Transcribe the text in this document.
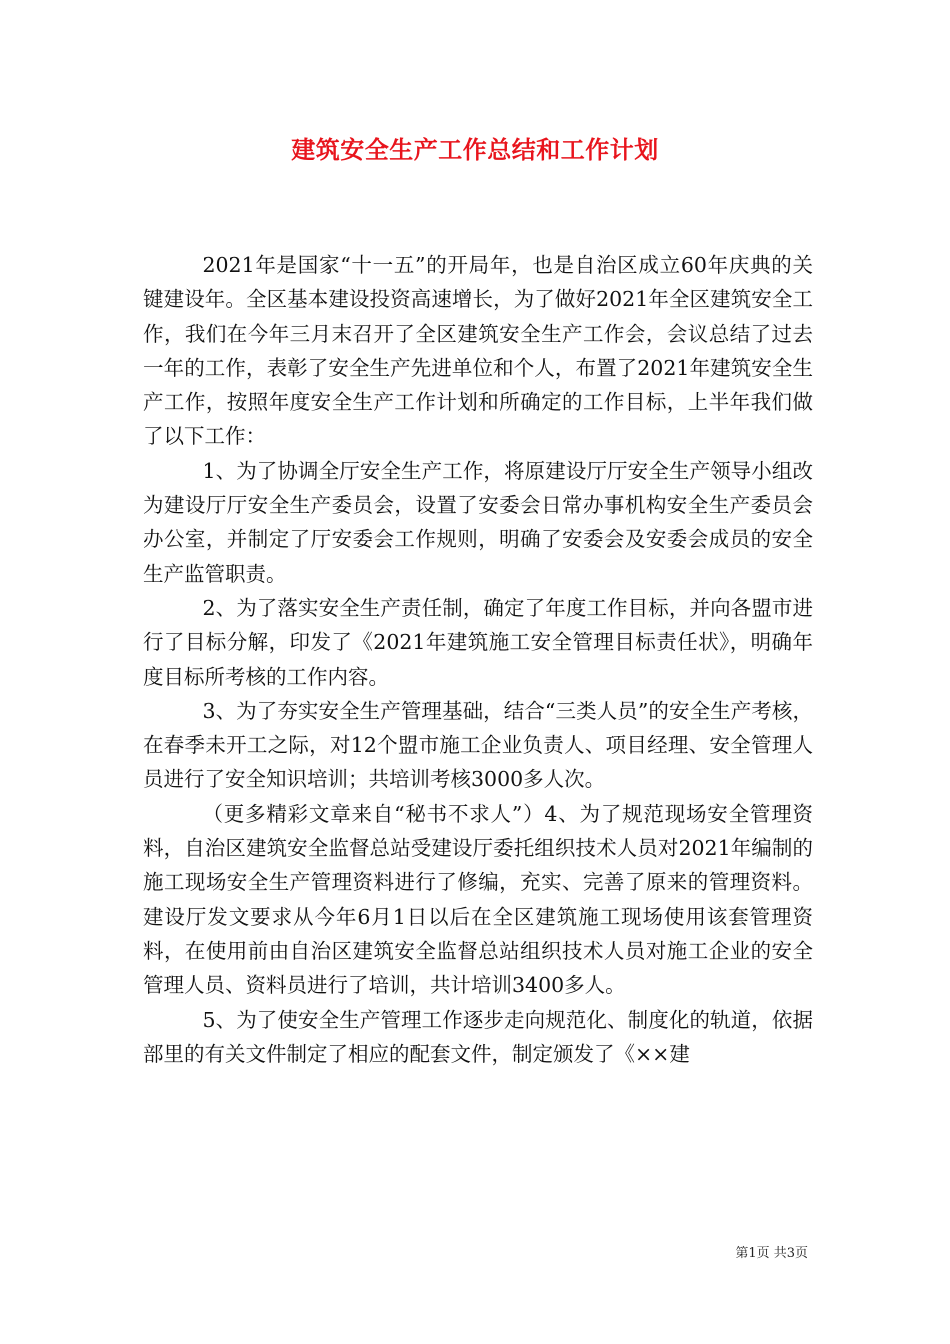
建筑安全生产工作总结和工作计划

2021年是国家“十一五”的开局年，也是自治区成立60年庆典的关键建设年。全区基本建设投资高速增长，为了做好2021年全区建筑安全工作，我们在今年三月末召开了全区建筑安全生产工作会，会议总结了过去一年的工作，表彰了安全生产先进单位和个人，布置了2021年建筑安全生产工作，按照年度安全生产工作计划和所确定的工作目标，上半年我们做了以下工作：

1、为了协调全厅安全生产工作，将原建设厅厅安全生产领导小组改为建设厅厅安全生产委员会，设置了安委会日常办事机构安全生产委员会办公室，并制定了厅安委会工作规则，明确了安委会及安委会成员的安全生产监管职责。

2、为了落实安全生产责任制，确定了年度工作目标，并向各盟市进行了目标分解，印发了《2021年建筑施工安全管理目标责任状》，明确年度目标所考核的工作内容。

3、为了夯实安全生产管理基础，结合“三类人员”的安全生产考核，在春季未开工之际，对12个盟市施工企业负责人、项目经理、安全管理人员进行了安全知识培训；共培训考核3000多人次。

（更多精彩文章来自“秘书不求人”）4、为了规范现场安全管理资料，自治区建筑安全监督总站受建设厅委托组织技术人员对2021年编制的施工现场安全生产管理资料进行了修编，充实、完善了原来的管理资料。建设厅发文要求从今年6月1日以后在全区建筑施工现场使用该套管理资料，在使用前由自治区建筑安全监督总站组织技术人员对施工企业的安全管理人员、资料员进行了培训，共计培训3400多人。

5、为了使安全生产管理工作逐步走向规范化、制度化的轨道，依据部里的有关文件制定了相应的配套文件，制定颁发了《××建

第1页 共3页
